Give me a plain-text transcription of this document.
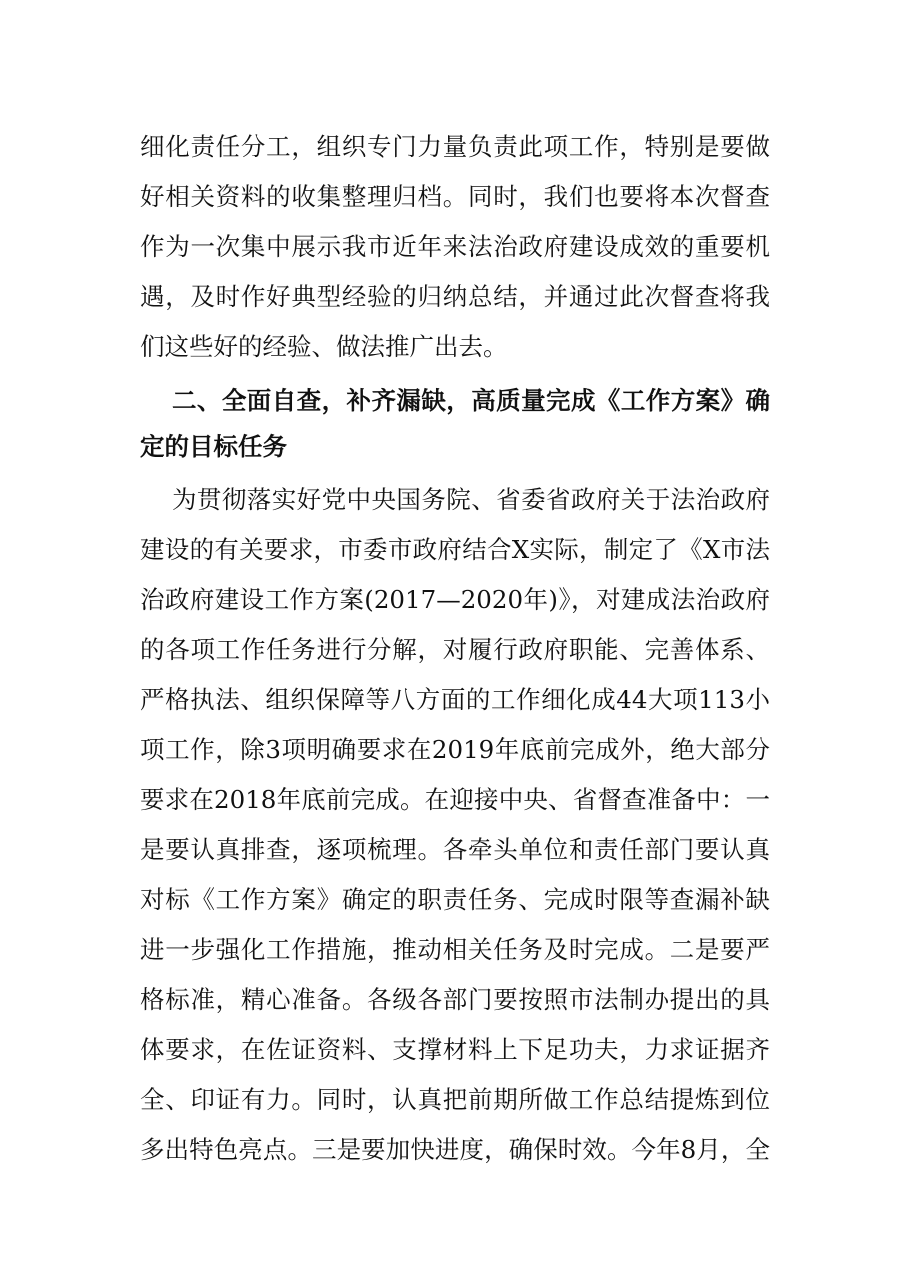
细化责任分工，组织专门力量负责此项工作，特别是要做
好相关资料的收集整理归档。同时，我们也要将本次督查
作为一次集中展示我市近年来法治政府建设成效的重要机
遇，及时作好典型经验的归纳总结，并通过此次督查将我
们这些好的经验、做法推广出去。
二、全面自查，补齐漏缺，高质量完成《工作方案》确
定的目标任务
为贯彻落实好党中央国务院、省委省政府关于法治政府
建设的有关要求，市委市政府结合X实际，制定了《X市法
治政府建设工作方案(2017—2020年)》，对建成法治政府
的各项工作任务进行分解，对履行政府职能、完善体系、
严格执法、组织保障等八方面的工作细化成44大项113小
项工作，除3项明确要求在2019年底前完成外，绝大部分
要求在2018年底前完成。在迎接中央、省督查准备中：一
是要认真排查，逐项梳理。各牵头单位和责任部门要认真
对标《工作方案》确定的职责任务、完成时限等查漏补缺
进一步强化工作措施，推动相关任务及时完成。二是要严
格标准，精心准备。各级各部门要按照市法制办提出的具
体要求，在佐证资料、支撑材料上下足功夫，力求证据齐
全、印证有力。同时，认真把前期所做工作总结提炼到位
多出特色亮点。三是要加快进度，确保时效。今年8月，全
